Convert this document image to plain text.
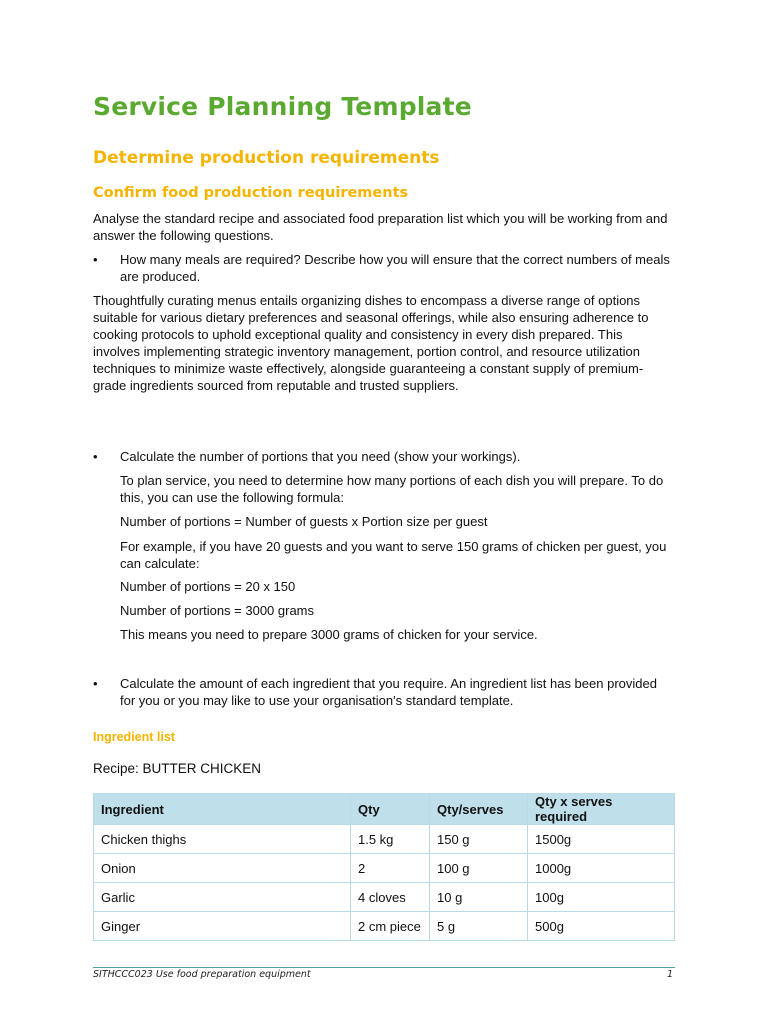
Service Planning Template
Determine production requirements
Confirm food production requirements

Analyse the standard recipe and associated food preparation list which you will be working from and answer the following questions.

•	How many meals are required? Describe how you will ensure that the correct numbers of meals are produced.

Thoughtfully curating menus entails organizing dishes to encompass a diverse range of options suitable for various dietary preferences and seasonal offerings, while also ensuring adherence to cooking protocols to uphold exceptional quality and consistency in every dish prepared. This involves implementing strategic inventory management, portion control, and resource utilization techniques to minimize waste effectively, alongside guaranteeing a constant supply of premium-grade ingredients sourced from reputable and trusted suppliers.

•	Calculate the number of portions that you need (show your workings).

To plan service, you need to determine how many portions of each dish you will prepare. To do this, you can use the following formula:

Number of portions = Number of guests x Portion size per guest

For example, if you have 20 guests and you want to serve 150 grams of chicken per guest, you can calculate:

Number of portions = 20 x 150

Number of portions = 3000 grams

This means you need to prepare 3000 grams of chicken for your service.

•	Calculate the amount of each ingredient that you require. An ingredient list has been provided for you or you may like to use your organisation's standard template.

Ingredient list

Recipe: BUTTER CHICKEN

Ingredient	Qty	Qty/serves	Qty x serves required
Chicken thighs	1.5 kg	150 g	1500g
Onion	2	100 g	1000g
Garlic	4 cloves	10 g	100g
Ginger	2 cm piece	5 g	500g
SITHCCC023 Use food preparation equipment	1
